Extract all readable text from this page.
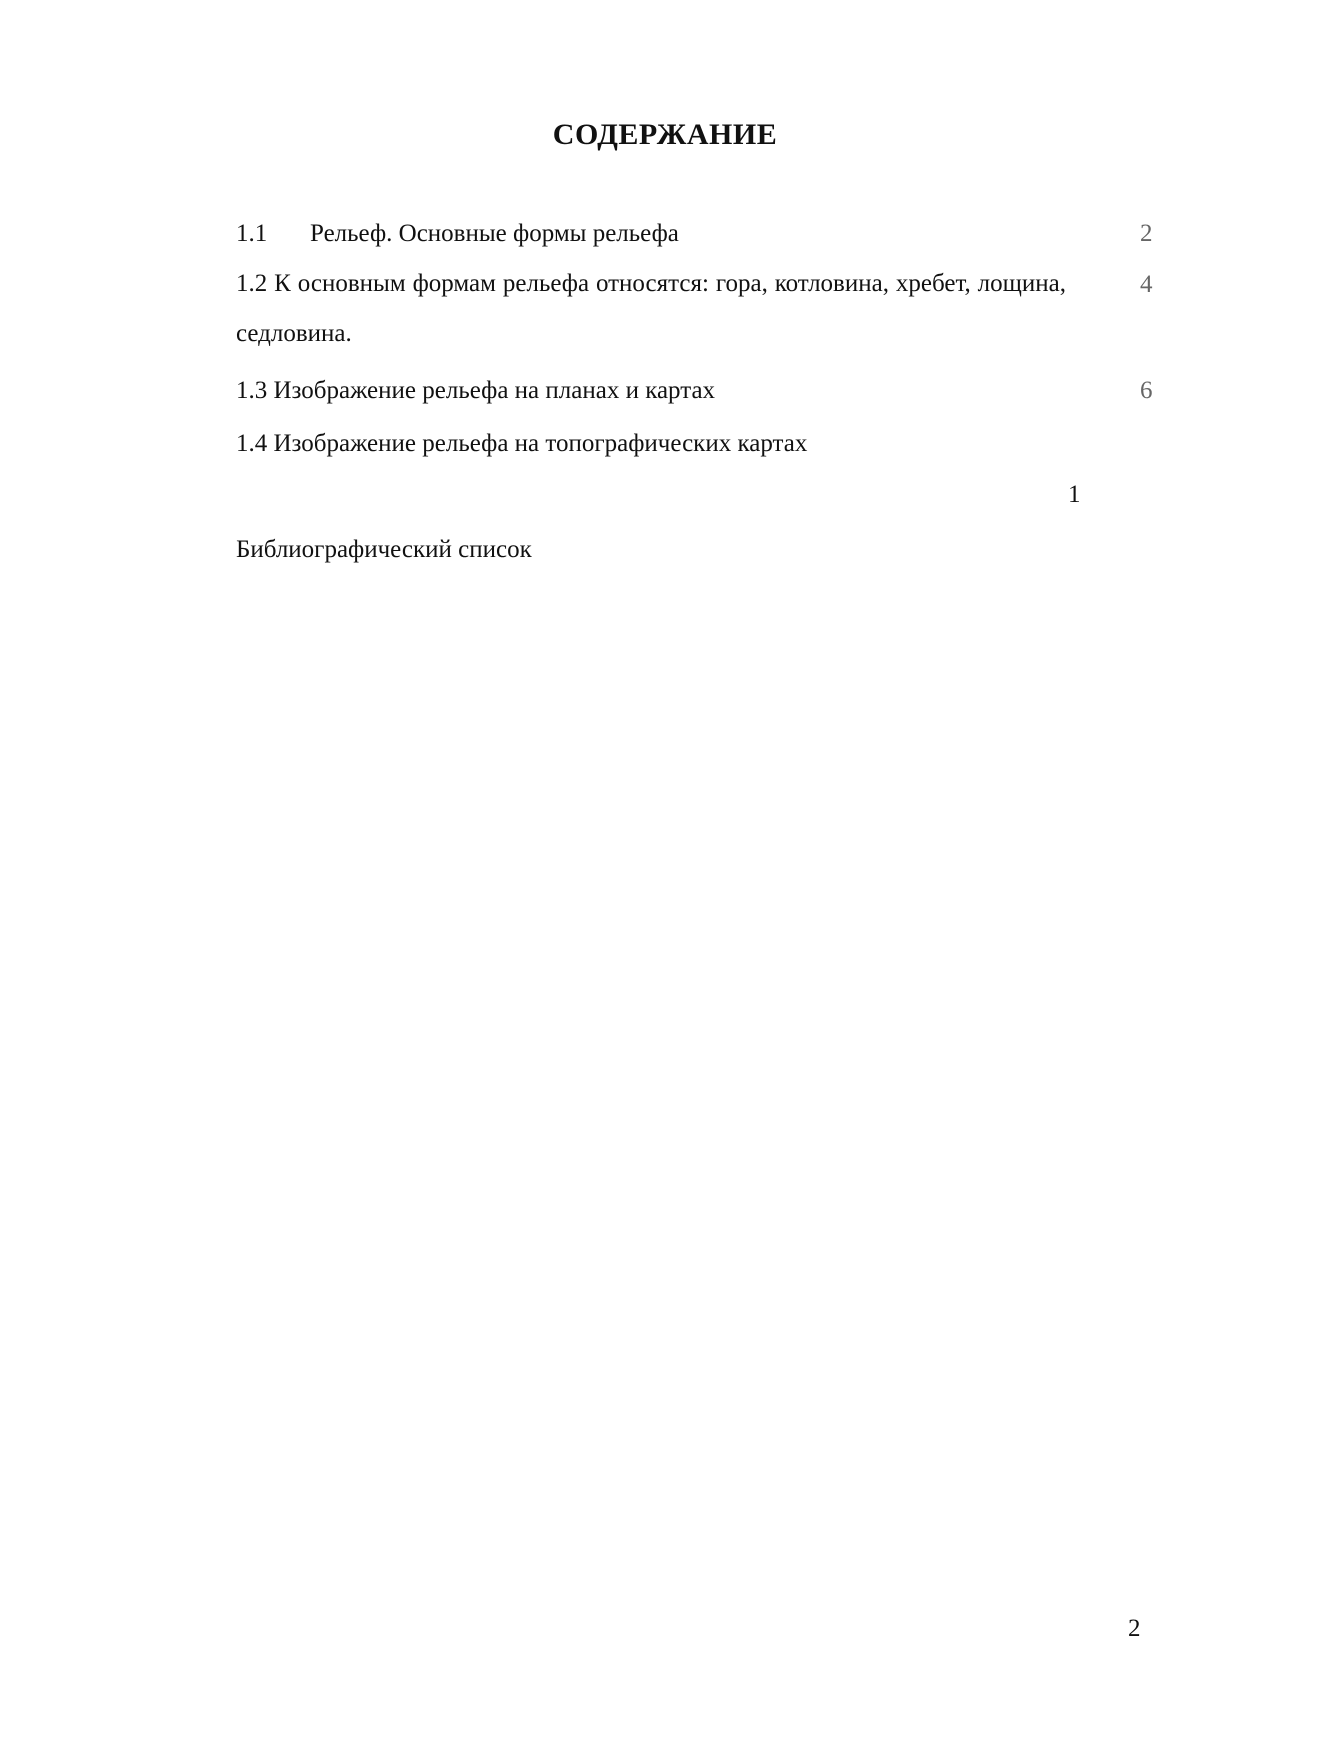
СОДЕРЖАНИЕ
1.1 Рельеф. Основные формы рельефа	2
1.2 К основным формам рельефа относятся: гора, котловина, хребет, лощина, седловина.
4
1.3 Изображение рельефа на планах и картах	6
1.4 Изображение рельефа на топографических картах
1
Библиографический список
2
